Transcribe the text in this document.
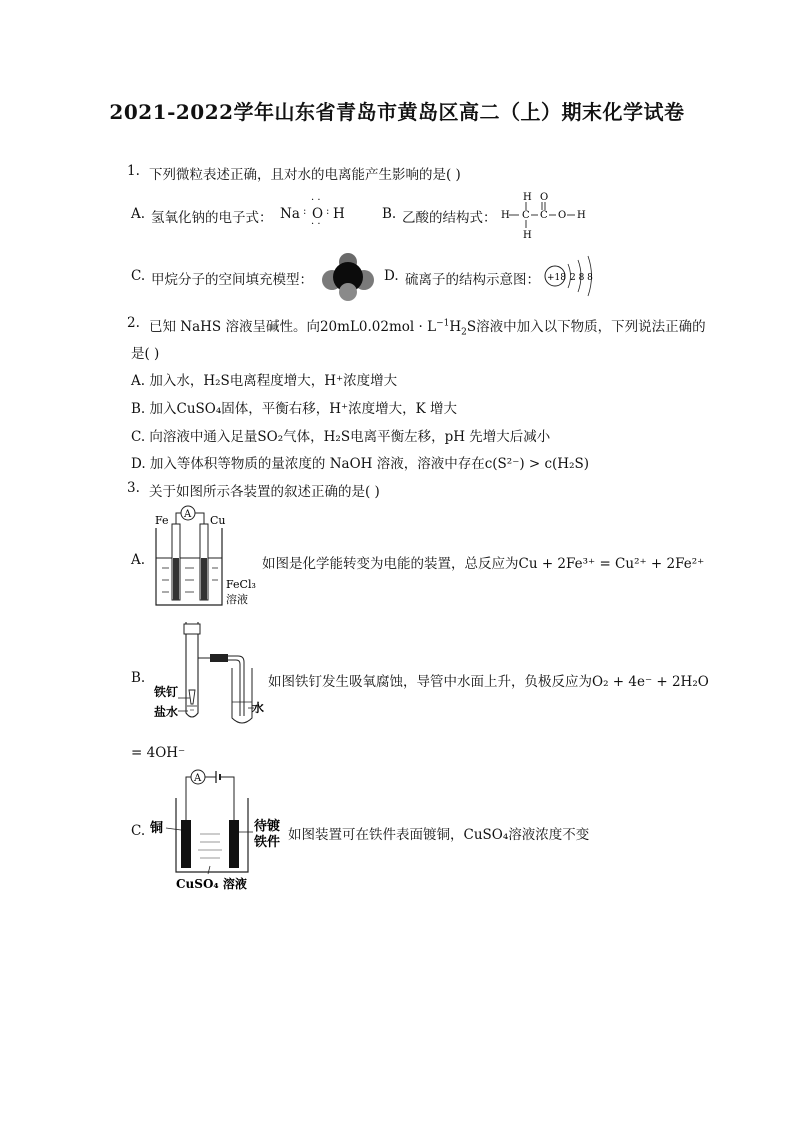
2021-2022学年山东省青岛市黄岛区高二（上）期末化学试卷
1. 下列微粒表述正确，且对水的电离能产生影响的是( )
A. 氢氧化钠的电子式： Na : O : H
· ·
· ·
B. 乙酸的结构式：
H O
H C C O H
H
C. 甲烷分子的空间填充模型：	D. 硫离子的结构示意图： +18 2 8 8
2. 已知 NaHS 溶液呈碱性。向$20mL0.02mol \cdot L^{-1}H_2S$溶液中加入以下物质，下列说法正确的
是( )
A. 加入水，H₂S电离程度增大，H⁺浓度增大
B. 加入CuSO₄固体，平衡右移，H⁺浓度增大，K 增大
C. 向溶液中通入足量SO₂气体，H₂S电离平衡左移，pH 先增大后减小
D. 加入等体积等物质的量浓度的 NaOH 溶液，溶液中存在c(S²⁻) > c(H₂S)
3. 关于如图所示各装置的叙述正确的是( )
A.
Fe	Cu
A
FeCl₃
溶液
如图是化学能转变为电能的装置，总反应为Cu + 2Fe³⁺ = Cu²⁺ + 2Fe²⁺
B.
铁钉
盐水	水
如图铁钉发生吸氧腐蚀，导管中水面上升，负极反应为O₂ + 4e⁻ + 2H₂O
= 4OH⁻
C.
A
铜	待镀
铁件
CuSO₄ 溶液
如图装置可在铁件表面镀铜，CuSO₄溶液浓度不变
